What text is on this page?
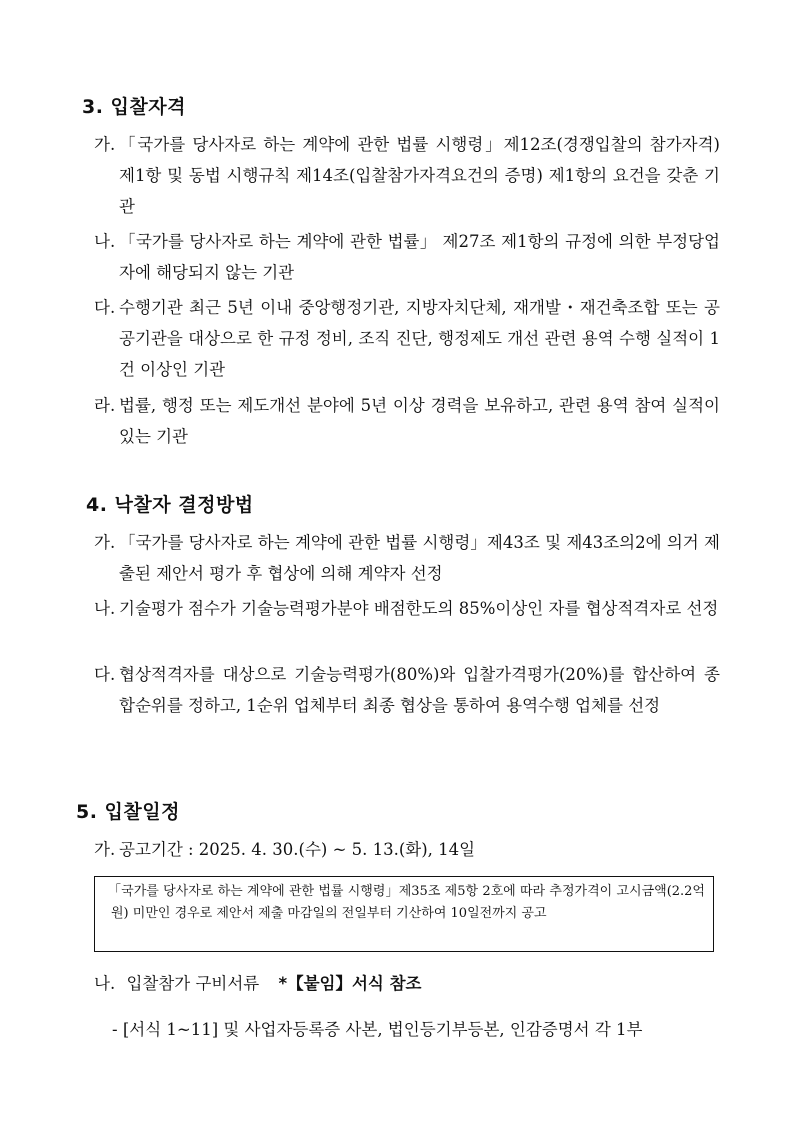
3. 입찰자격
가. 「국가를 당사자로 하는 계약에 관한 법률 시행령」제12조(경쟁입찰의 참가자격) 제1항 및 동법 시행규칙 제14조(입찰참가자격요건의 증명) 제1항의 요건을 갖춘 기관
나. 「국가를 당사자로 하는 계약에 관한 법률」 제27조 제1항의 규정에 의한 부정당업자에 해당되지 않는 기관
다. 수행기관 최근 5년 이내 중앙행정기관, 지방자치단체, 재개발・재건축조합 또는 공공기관을 대상으로 한 규정 정비, 조직 진단, 행정제도 개선 관련 용역 수행 실적이 1건 이상인 기관
라. 법률, 행정 또는 제도개선 분야에 5년 이상 경력을 보유하고, 관련 용역 참여 실적이 있는 기관
4. 낙찰자 결정방법
가. 「국가를 당사자로 하는 계약에 관한 법률 시행령」제43조 및 제43조의2에 의거 제출된 제안서 평가 후 협상에 의해 계약자 선정
나. 기술평가 점수가 기술능력평가분야 배점한도의 85%이상인 자를 협상적격자로 선정
다. 협상적격자를 대상으로 기술능력평가(80%)와 입찰가격평가(20%)를 합산하여 종합순위를 정하고, 1순위 업체부터 최종 협상을 통하여 용역수행 업체를 선정
5. 입찰일정
가. 공고기간 : 2025. 4. 30.(수) ~ 5. 13.(화), 14일
「국가를 당사자로 하는 계약에 관한 법률 시행령」제35조 제5항 2호에 따라 추정가격이 고시금액(2.2억원) 미만인 경우로 제안서 제출 마감일의 전일부터 기산하여 10일전까지 공고
나. 입찰참가 구비서류 *【붙임】서식 참조
- [서식 1~11] 및 사업자등록증 사본, 법인등기부등본, 인감증명서 각 1부
